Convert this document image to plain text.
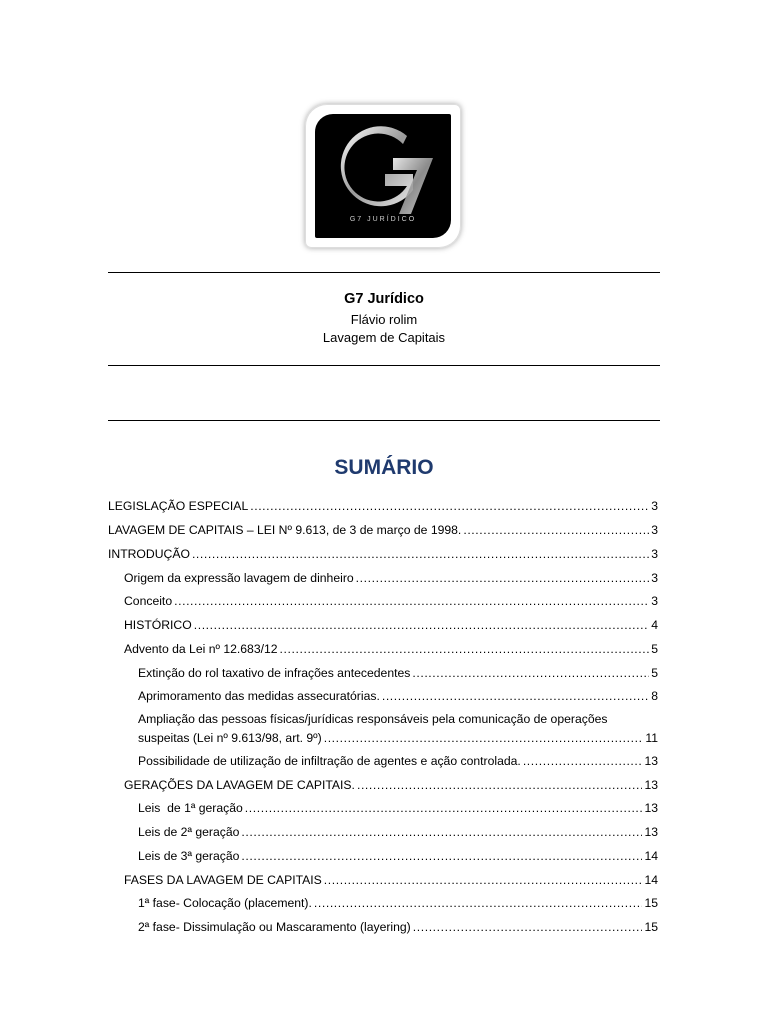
G7 JURÍDICO
G7 Jurídico
Flávio rolim
Lavagem de Capitais
SUMÁRIO
LEGISLAÇÃO ESPECIAL .....	3
LAVAGEM DE CAPITAIS – LEI Nº 9.613, de 3 de março de 1998. .....	3
INTRODUÇÃO .....	3
Origem da expressão lavagem de dinheiro .....	3
Conceito .....	3
HISTÓRICO .....	4
Advento da Lei nº 12.683/12 .....	5
Extinção do rol taxativo de infrações antecedentes .....	5
Aprimoramento das medidas assecuratórias. .....	8
Ampliação das pessoas físicas/jurídicas responsáveis pela comunicação de operações
suspeitas (Lei nº 9.613/98, art. 9º) .....	11
Possibilidade de utilização de infiltração de agentes e ação controlada. .....	13
GERAÇÕES DA LAVAGEM DE CAPITAIS. .....	13
Leis  de 1ª geração .....	13
Leis de 2ª geração .....	13
Leis de 3ª geração .....	14
FASES DA LAVAGEM DE CAPITAIS .....	14
1ª fase- Colocação (placement). .....	15
2ª fase- Dissimulação ou Mascaramento (layering) .....	15
